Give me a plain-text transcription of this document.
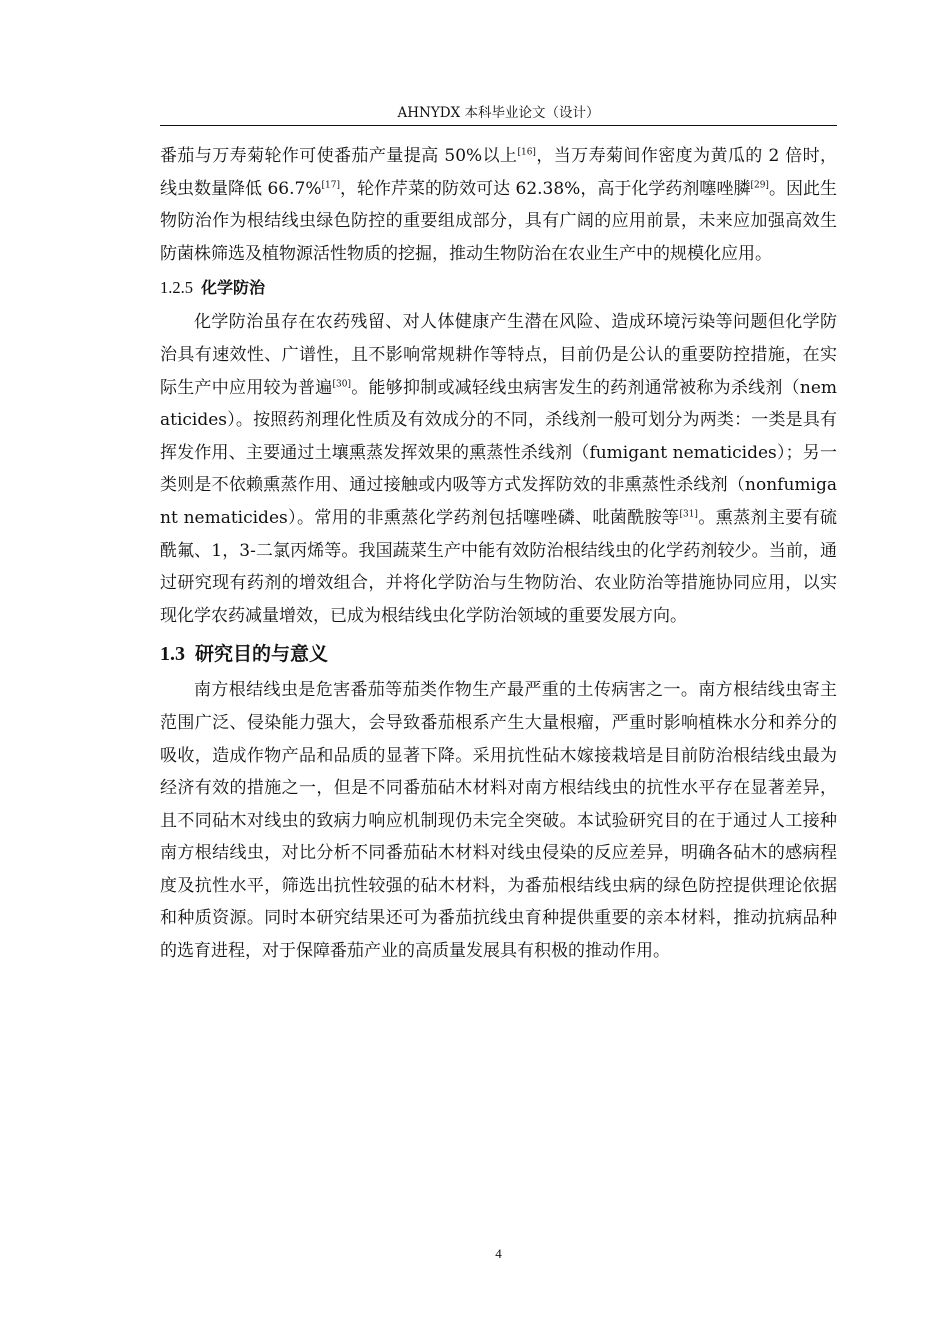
AHNYDX 本科毕业论文（设计）

番茄与万寿菊轮作可使番茄产量提高 50%以上[16]，当万寿菊间作密度为黄瓜的 2 倍时，线虫数量降低 66.7%[17]，轮作芹菜的防效可达 62.38%，高于化学药剂噻唑膦[29]。因此生物防治作为根结线虫绿色防控的重要组成部分，具有广阔的应用前景，未来应加强高效生防菌株筛选及植物源活性物质的挖掘，推动生物防治在农业生产中的规模化应用。

1.2.5 化学防治

化学防治虽存在农药残留、对人体健康产生潜在风险、造成环境污染等问题但化学防治具有速效性、广谱性，且不影响常规耕作等特点，目前仍是公认的重要防控措施，在实际生产中应用较为普遍[30]。能够抑制或减轻线虫病害发生的药剂通常被称为杀线剂（nematicides）。按照药剂理化性质及有效成分的不同，杀线剂一般可划分为两类：一类是具有挥发作用、主要通过土壤熏蒸发挥效果的熏蒸性杀线剂（fumigant nematicides）；另一类则是不依赖熏蒸作用、通过接触或内吸等方式发挥防效的非熏蒸性杀线剂（nonfumigant nematicides）。常用的非熏蒸化学药剂包括噻唑磷、吡菌酰胺等[31]。熏蒸剂主要有硫酰氟、1，3-二氯丙烯等。我国蔬菜生产中能有效防治根结线虫的化学药剂较少。当前，通过研究现有药剂的增效组合，并将化学防治与生物防治、农业防治等措施协同应用，以实现化学农药减量增效，已成为根结线虫化学防治领域的重要发展方向。

1.3 研究目的与意义

南方根结线虫是危害番茄等茄类作物生产最严重的土传病害之一。南方根结线虫寄主范围广泛、侵染能力强大，会导致番茄根系产生大量根瘤，严重时影响植株水分和养分的吸收，造成作物产品和品质的显著下降。采用抗性砧木嫁接栽培是目前防治根结线虫最为经济有效的措施之一，但是不同番茄砧木材料对南方根结线虫的抗性水平存在显著差异，且不同砧木对线虫的致病力响应机制现仍未完全突破。本试验研究目的在于通过人工接种南方根结线虫，对比分析不同番茄砧木材料对线虫侵染的反应差异，明确各砧木的感病程度及抗性水平，筛选出抗性较强的砧木材料，为番茄根结线虫病的绿色防控提供理论依据和种质资源。同时本研究结果还可为番茄抗线虫育种提供重要的亲本材料，推动抗病品种的选育进程，对于保障番茄产业的高质量发展具有积极的推动作用。

4
